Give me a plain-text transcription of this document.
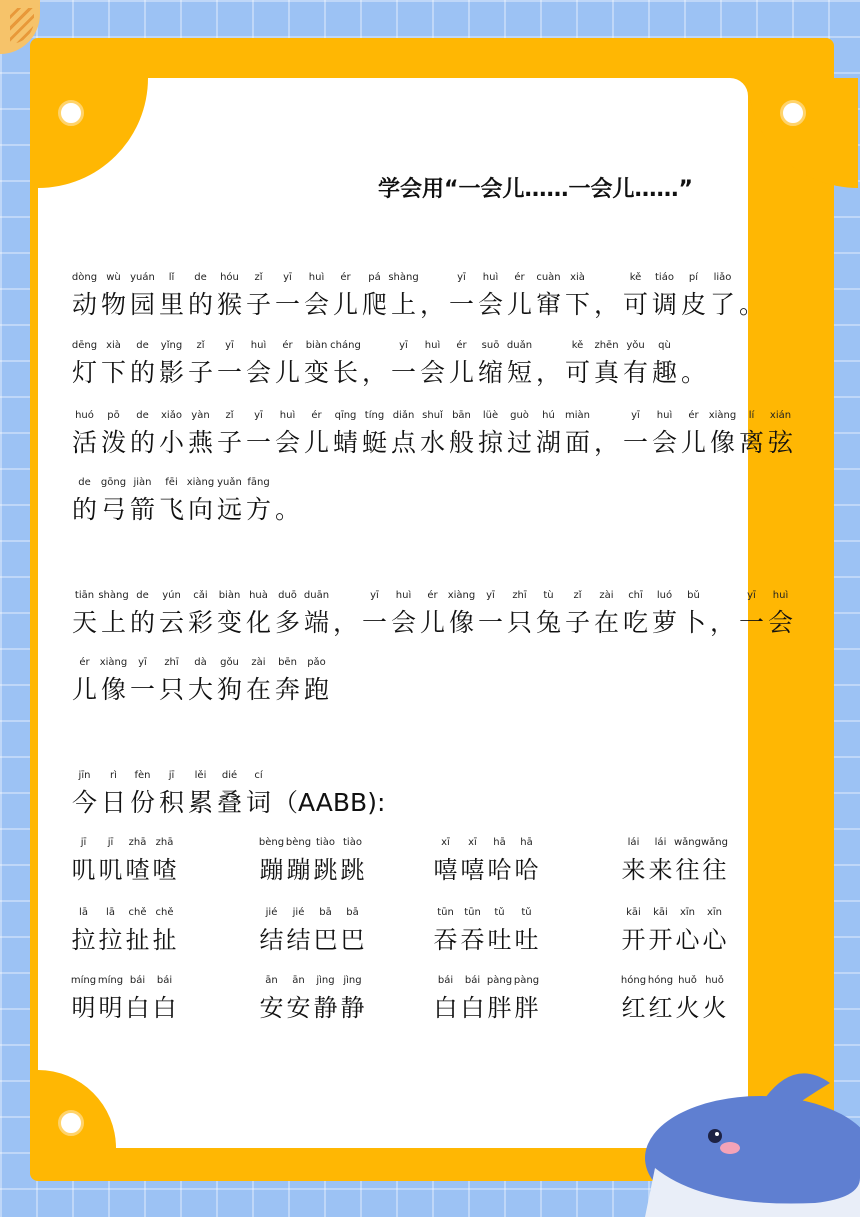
学会用“一会儿……一会儿……”
dòng
动
wù
物
yuán
园
lǐ
里
de
的
hóu
猴
zǐ
子
yī
一
huì
会
ér
儿
pá
爬
shàng
上 ，
yī
一
huì
会
ér
儿
cuàn
窜
xià
下 ，
kě
可
tiáo
调
pí
皮
liǎo
了 。
dēng
灯
xià
下
de
的
yǐng
影
zǐ
子
yī
一
huì
会
ér
儿
biàn
变
cháng
长 ，
yī
一
huì
会
ér
儿
suō
缩
duǎn
短 ，
kě
可
zhēn
真
yǒu
有
qù
趣 。
huó
活
pō
泼
de
的
xiǎo
小
yàn
燕
zǐ
子
yī
一
huì
会
ér
儿
qīng
蜻
tíng
蜓
diǎn
点
shuǐ
水
bān
般
lüè
掠
guò
过
hú
湖
miàn
面 ，
yī
一
huì
会
ér
儿
xiàng
像
lí
离
xián
弦
de
的
gōng
弓
jiàn
箭
fēi
飞
xiàng
向
yuǎn
远
fāng
方 。
tiān
天
shàng
上
de
的
yún
云
cǎi
彩
biàn
变
huà
化
duō
多
duān
端 ，
yī
一
huì
会
ér
儿
xiàng
像
yī
一
zhī
只
tù
兔
zǐ
子
zài
在
chī
吃
luó
萝
bǔ
卜 ，
yī
一
huì
会
ér
儿
xiàng
像
yī
一
zhī
只
dà
大
gǒu
狗
zài
在
bēn
奔
pǎo
跑
jīn
今
rì
日
fèn
份
jī
积
lěi
累
dié
叠
cí
词（AABB):
jī
叽
jī
叽
zhā
喳
zhā
喳
bèng
蹦
bèng
蹦
tiào
跳
tiào
跳
xī
嘻
xī
嘻
hā
哈
hā
哈
lái
来
lái
来
wǎng
往
wǎng
往
lā
拉
lā
拉
chě
扯
chě
扯
jié
结
jié
结
bā
巴
bā
巴
tūn
吞
tūn
吞
tǔ
吐
tǔ
吐
kāi
开
kāi
开
xīn
心
xīn
心
míng
明
míng
明
bái
白
bái
白
ān
安
ān
安
jìng
静
jìng
静
bái
白
bái
白
pàng
胖
pàng
胖
hóng
红
hóng
红
huǒ
火
huǒ
火
